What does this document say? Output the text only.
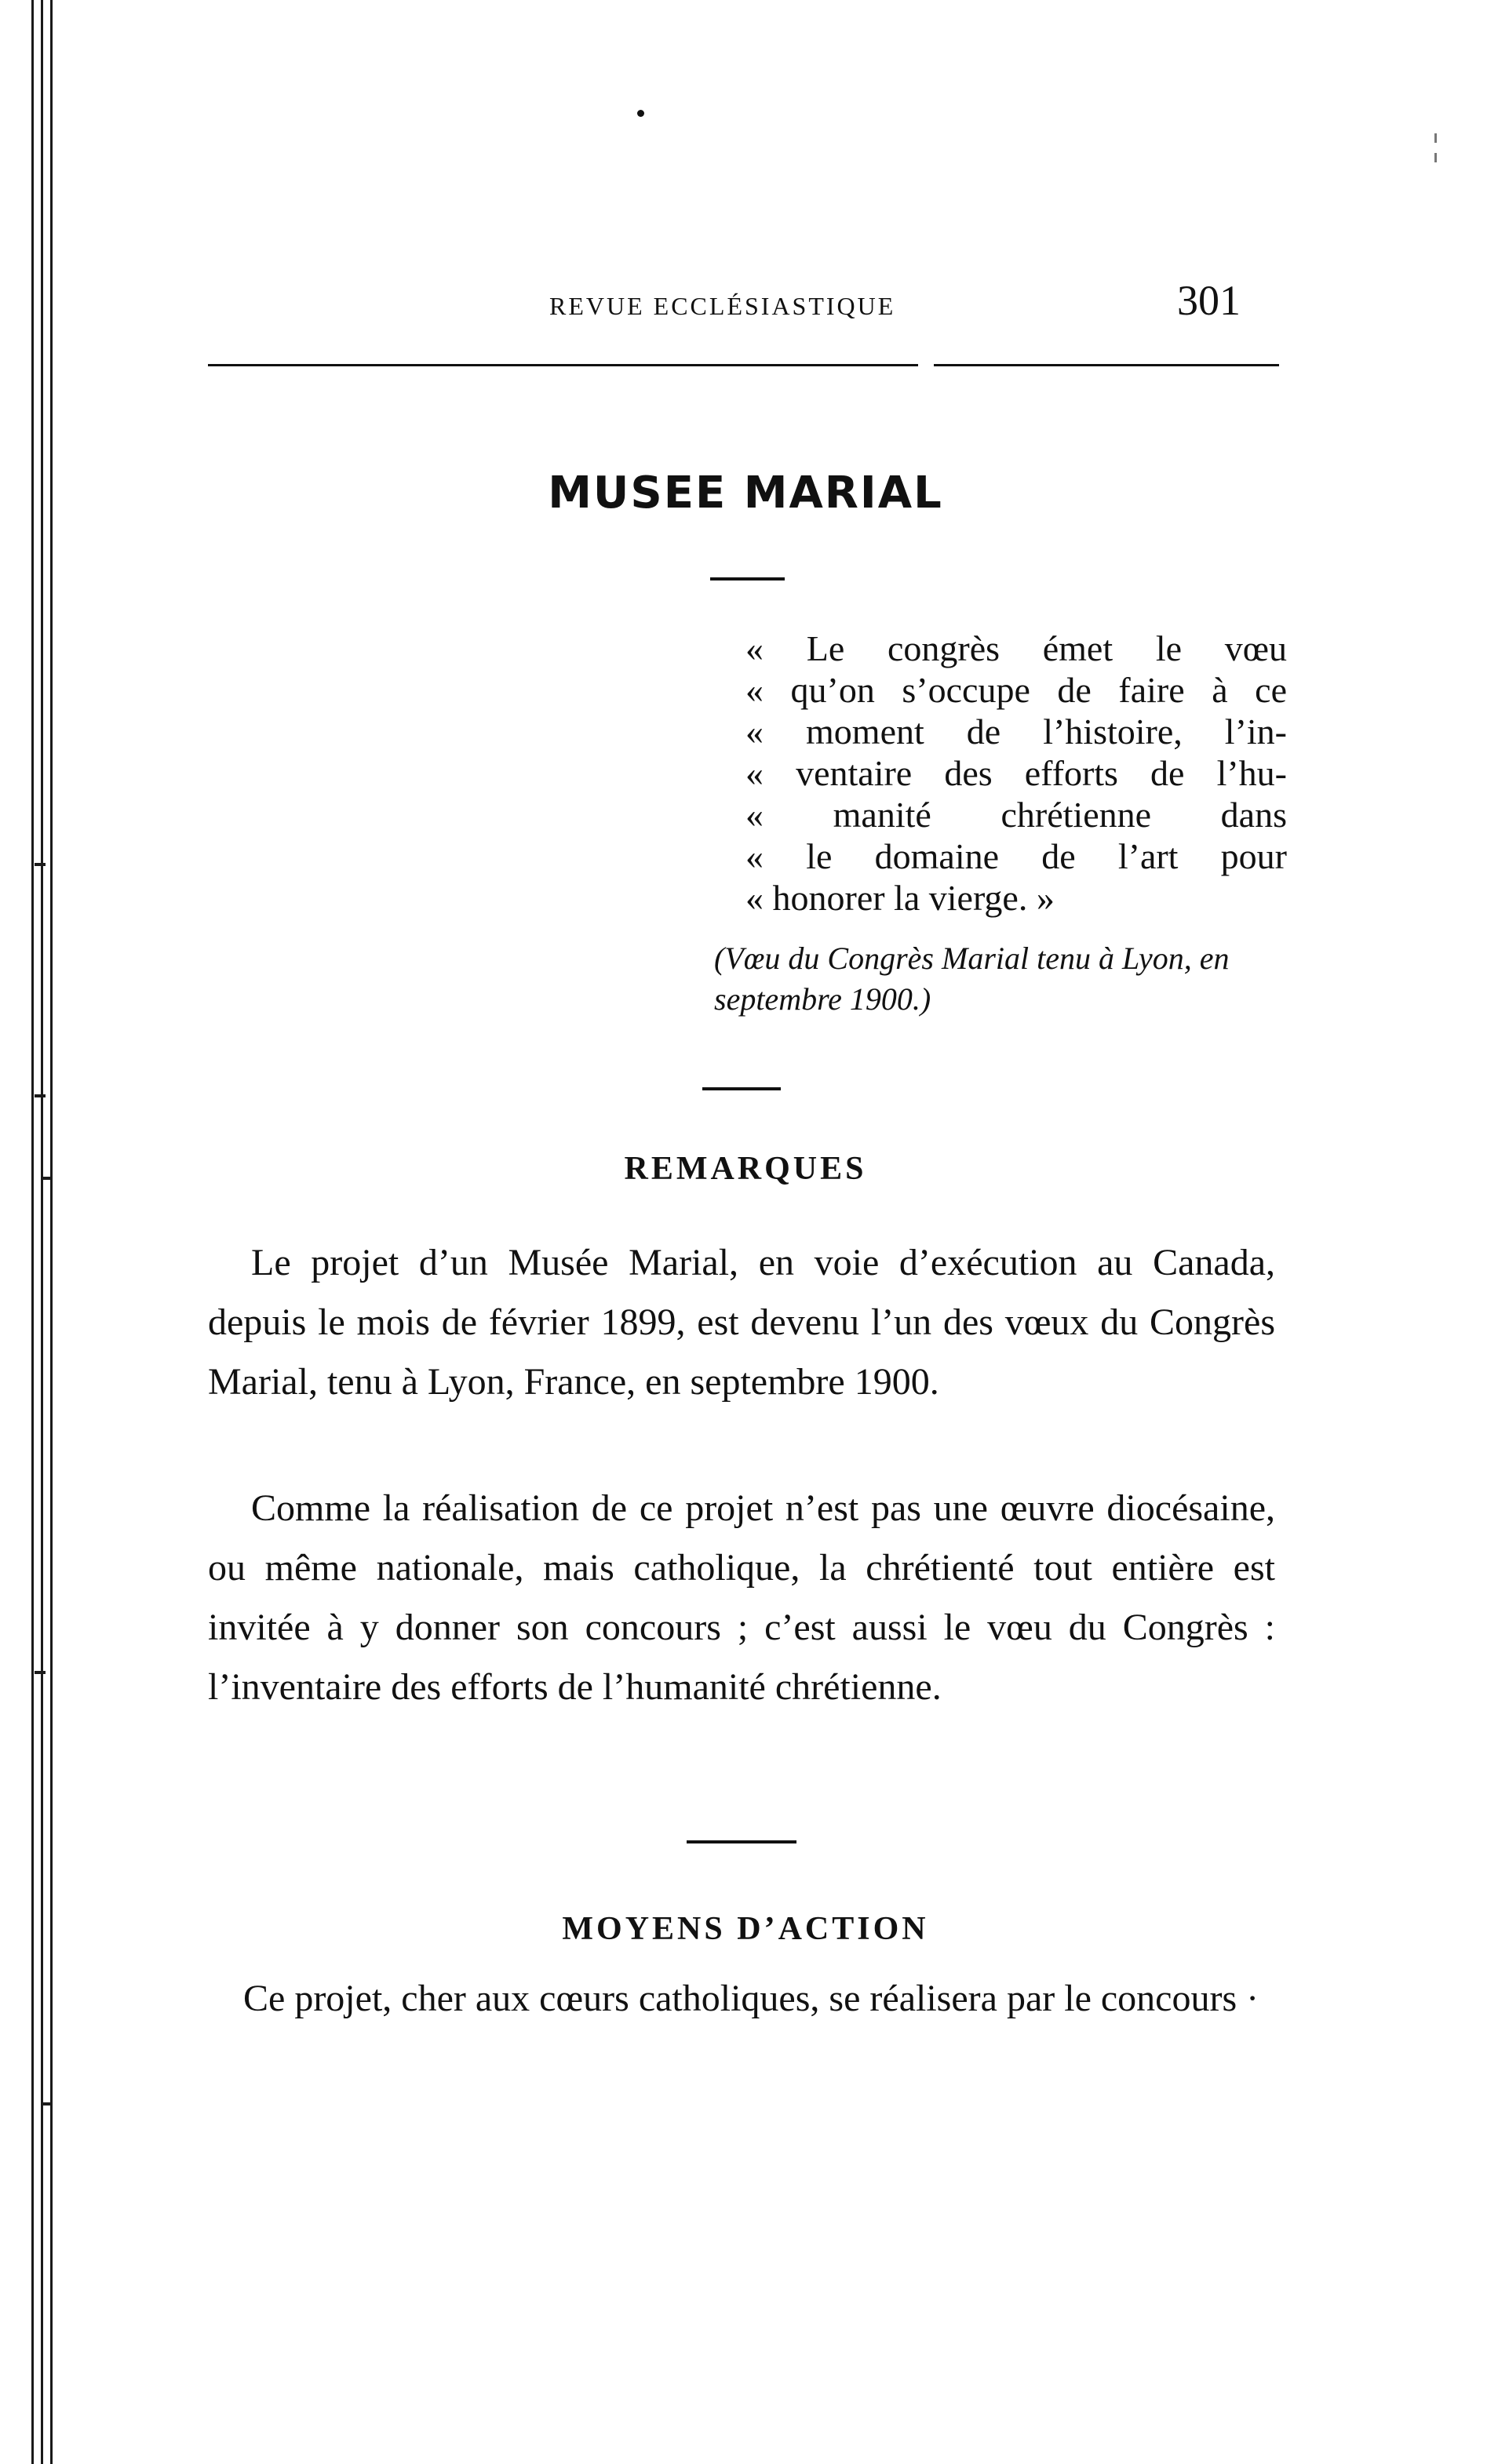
REVUE ECCLÉSIASTIQUE	301
MUSEE MARIAL
« Le congrès émet le vœu
« qu’on s’occupe de faire à ce
« moment de l’histoire, l’in-
« ventaire des efforts de l’hu-
« manité chrétienne dans
« le domaine de l’art pour
« honorer la vierge. »
(Vœu du Congrès Marial tenu à Lyon, en septembre 1900.)
REMARQUES

Le projet d’un Musée Marial, en voie d’exécution au Canada, depuis le mois de février 1899, est devenu l’un des vœux du Congrès Marial, tenu à Lyon, France, en septembre 1900.

Comme la réalisation de ce projet n’est pas une œuvre diocésaine, ou même nationale, mais catholique, la chrétienté tout entière est invitée à y donner son concours ; c’est aussi le vœu du Congrès : l’inventaire des efforts de l’humanité chrétienne.

MOYENS D’ACTION

Ce projet, cher aux cœurs catholiques, se réalisera par le concours ·
